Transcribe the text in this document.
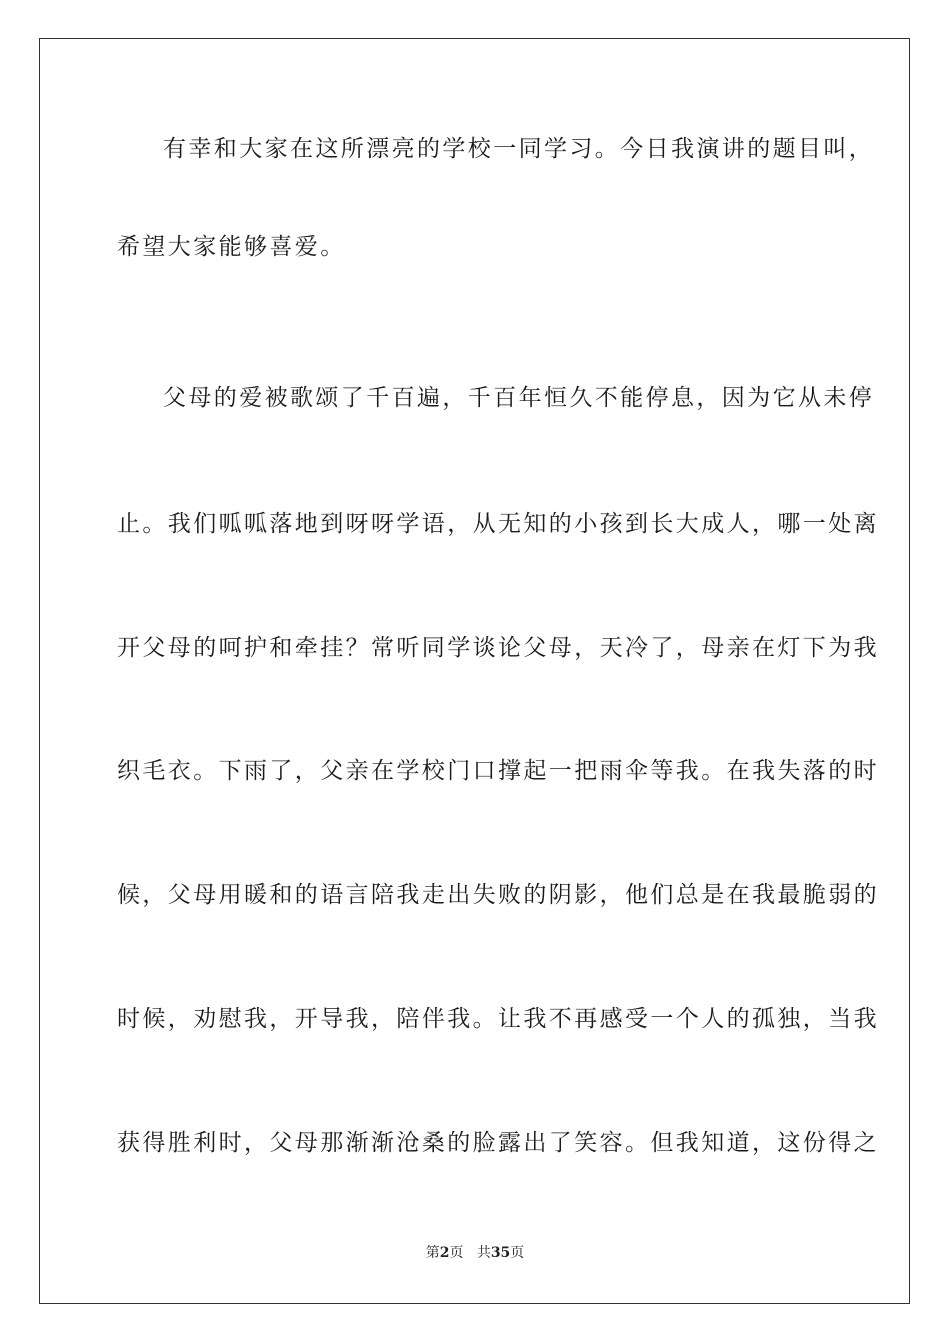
有幸和大家在这所漂亮的学校一同学习。今日我演讲的题目叫，
希望大家能够喜爱。
父母的爱被歌颂了千百遍，千百年恒久不能停息，因为它从未停
止。我们呱呱落地到呀呀学语，从无知的小孩到长大成人，哪一处离
开父母的呵护和牵挂？常听同学谈论父母，天冷了，母亲在灯下为我
织毛衣。下雨了，父亲在学校门口撑起一把雨伞等我。在我失落的时
候，父母用暖和的语言陪我走出失败的阴影，他们总是在我最脆弱的
时候，劝慰我，开导我，陪伴我。让我不再感受一个人的孤独，当我
获得胜利时，父母那渐渐沧桑的脸露出了笑容。但我知道，这份得之
第2页 共35页
